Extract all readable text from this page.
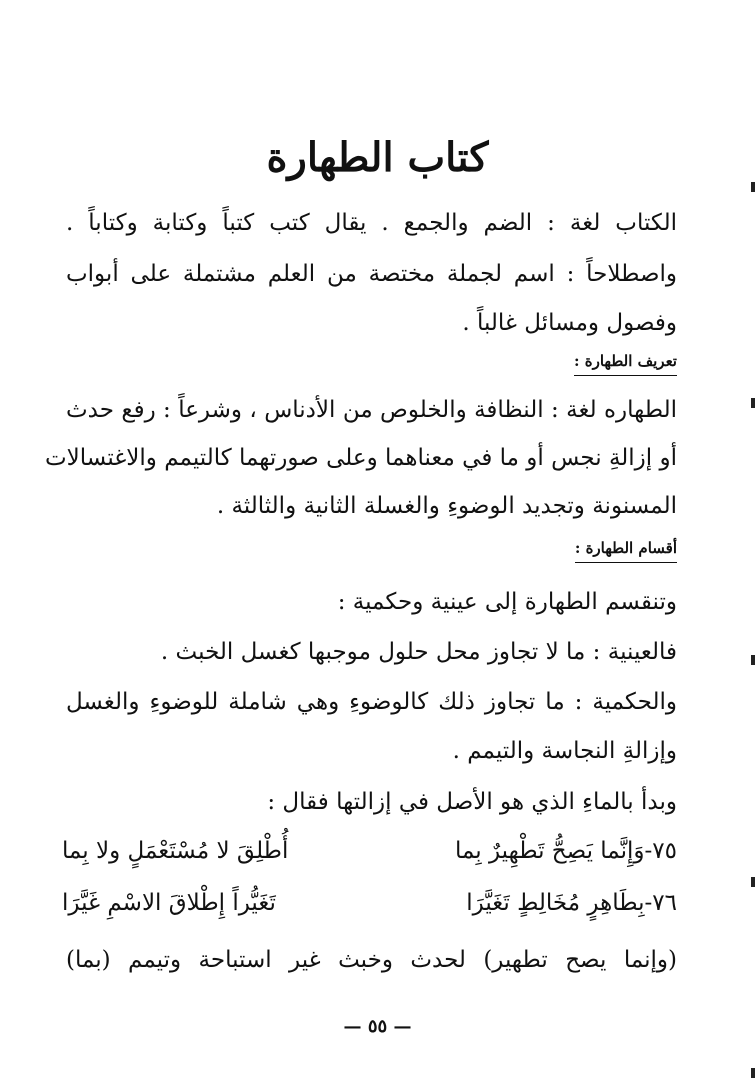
كتاب الطهارة
الكتاب لغة : الضم والجمع . يقال كتب كتباً وكتابة وكتاباً .
واصطلاحاً : اسم لجملة مختصة من العلم مشتملة على أبواب
وفصول ومسائل غالباً .
تعريف الطهارة :
الطهاره لغة : النظافة والخلوص من الأدناس ، وشرعاً : رفع حدث
أو إزالةِ نجس أو ما في معناهما وعلى صورتهما كالتيمم والاغتسالات
المسنونة وتجديد الوضوءِ والغسلة الثانية والثالثة .
أقسام الطهارة :
وتنقسم الطهارة إلى عينية وحكمية :
فالعينية : ما لا تجاوز محل حلول موجبها كغسل الخبث .
والحكمية : ما تجاوز ذلك كالوضوءِ وهي شاملة للوضوءِ والغسل
وإزالةِ النجاسة والتيمم .
وبدأ بالماءِ الذي هو الأصل في إزالتها فقال :
٧٥-وَإِنَّما يَصِحُّ تَطْهِيرٌ بِما
أُطْلِقَ لا مُسْتَعْمَلٍ ولا بِما
٧٦-بِطَاهِرٍ مُخَالِطٍ تَغَيَّرَا
تَغَيُّراً إِطْلاقَ الاسْمِ غَيَّرَا
(وإنما يصح تطهير) لحدث وخبث غير استباحة وتيمم (بما)
— ٥٥ —
